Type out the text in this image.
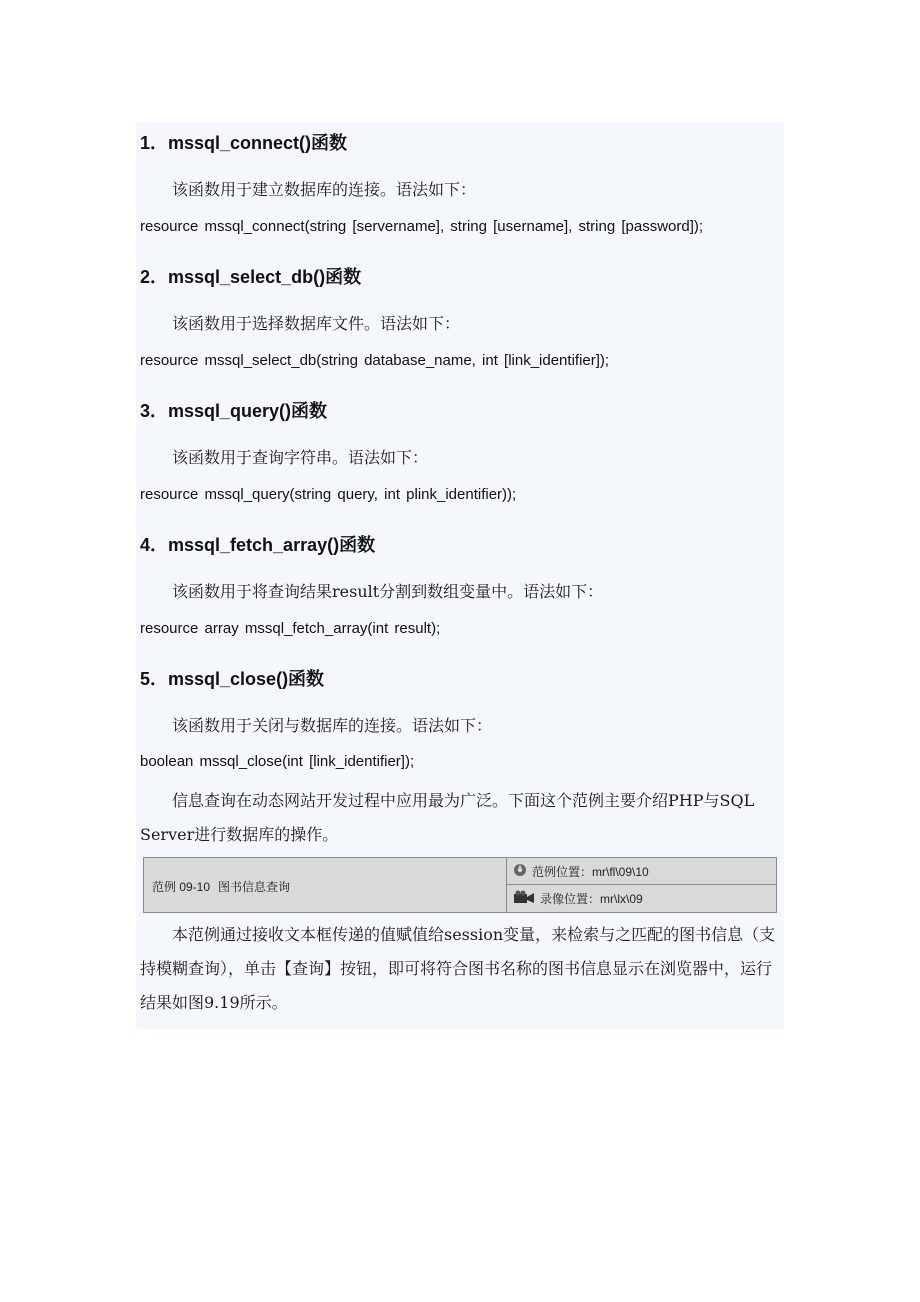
1．mssql_connect()函数
该函数用于建立数据库的连接。语法如下：
resource mssql_connect(string [servername], string [username], string [password]);
2．mssql_select_db()函数
该函数用于选择数据库文件。语法如下：
resource mssql_select_db(string database_name, int [link_identifier]);
3．mssql_query()函数
该函数用于查询字符串。语法如下：
resource mssql_query(string query, int plink_identifier));
4．mssql_fetch_array()函数
该函数用于将查询结果result分割到数组变量中。语法如下：
resource array mssql_fetch_array(int result);
5．mssql_close()函数
该函数用于关闭与数据库的连接。语法如下：
boolean mssql_close(int [link_identifier]);
信息查询在动态网站开发过程中应用最为广泛。下面这个范例主要介绍PHP与SQL Server进行数据库的操作。
范例 09-10 图书信息查询
范例位置：mr\fl\09\10
录像位置：mr\lx\09
本范例通过接收文本框传递的值赋值给session变量，来检索与之匹配的图书信息（支持模糊查询），单击【查询】按钮，即可将符合图书名称的图书信息显示在浏览器中，运行结果如图9.19所示。
